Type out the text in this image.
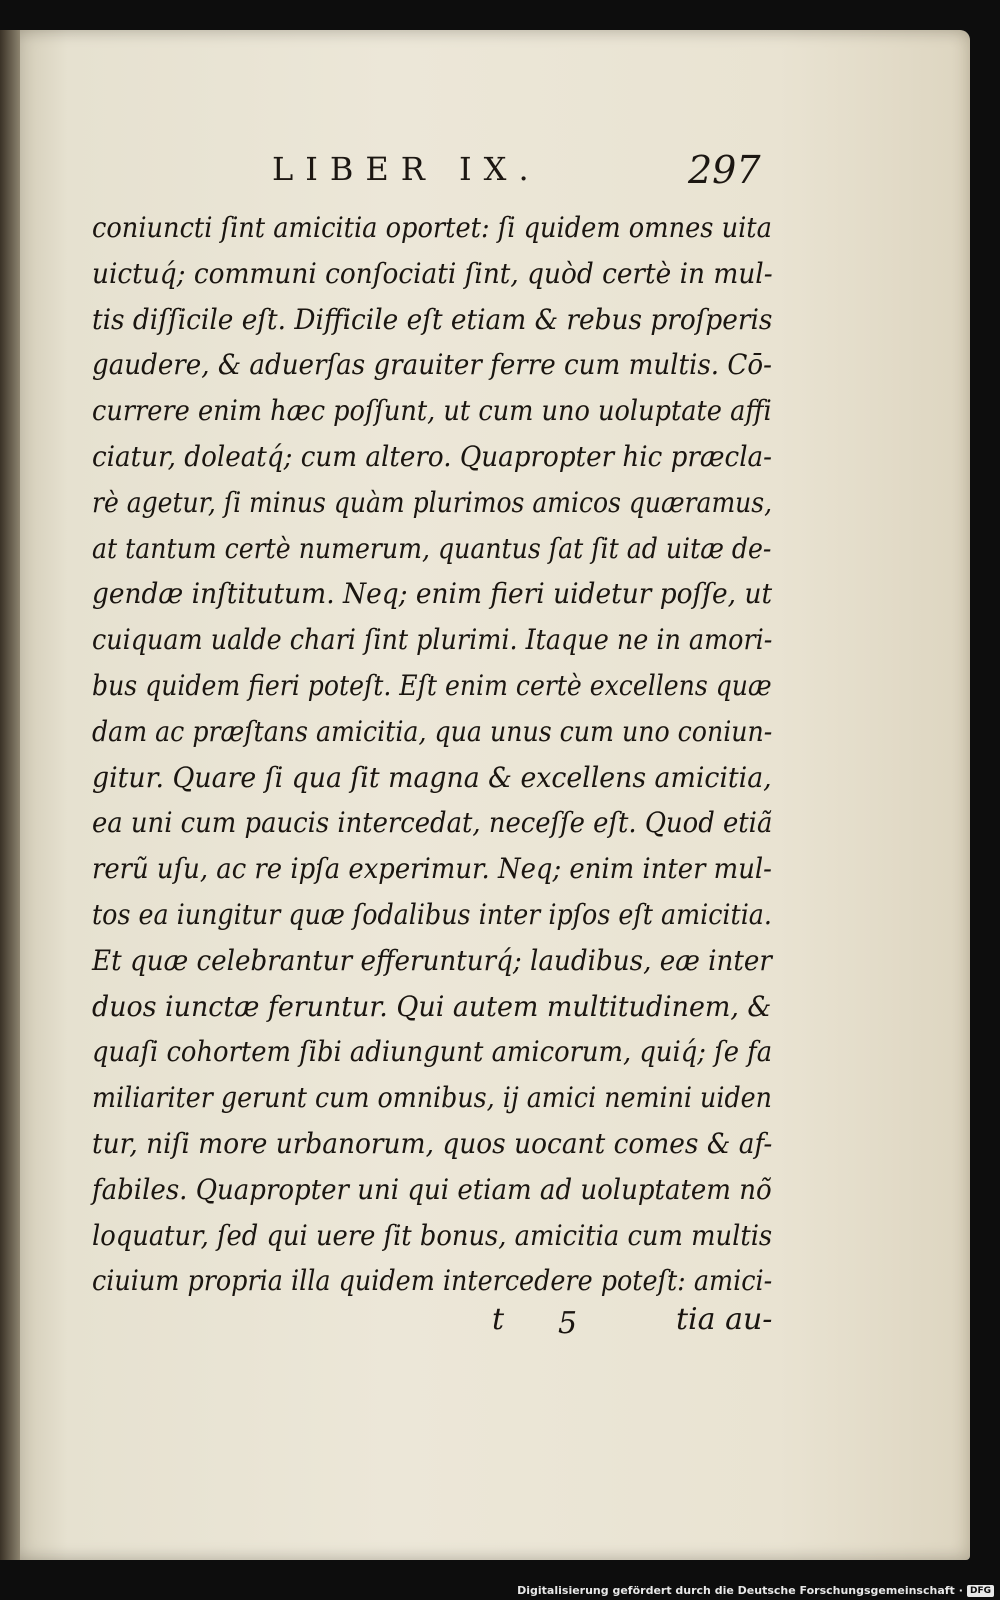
LIBER IX.	297
coniuncti ſint amicitia oportet: ſi quidem omnes uita
uictuq́; communi conſociati ſint, quòd certè in mul-
tis diſſicile eſt. Difficile eſt etiam & rebus proſperis
gaudere, & aduerſas grauiter ferre cum multis. Cō-
currere enim hæc poſſunt, ut cum uno uoluptate affi
ciatur, doleatq́; cum altero. Quapropter hic præcla-
rè agetur, ſi minus quàm plurimos amicos quæramus,
at tantum certè numerum, quantus ſat ſit ad uitæ de-
gendæ inſtitutum. Neq; enim fieri uidetur poſſe, ut
cuiquam ualde chari ſint plurimi. Itaque ne in amori-
bus quidem fieri poteſt. Eſt enim certè excellens quæ
dam ac præſtans amicitia, qua unus cum uno coniun-
gitur. Quare ſi qua ſit magna & excellens amicitia,
ea uni cum paucis intercedat, neceſſe eſt. Quod etiã
rerũ uſu, ac re ipſa experimur. Neq; enim inter mul-
tos ea iungitur quæ ſodalibus inter ipſos eſt amicitia.
Et quæ celebrantur efferunturq́; laudibus, eæ inter
duos iunctæ feruntur. Qui autem multitudinem, &
quaſi cohortem ſibi adiungunt amicorum, quiq́; ſe fa
miliariter gerunt cum omnibus, ij amici nemini uiden
tur, niſi more urbanorum, quos uocant comes & af-
fabiles. Quapropter uni qui etiam ad uoluptatem nõ
loquatur, ſed qui uere ſit bonus, amicitia cum multis
ciuium propria illa quidem intercedere poteſt: amici-
t 5	tia au-
Digitalisierung gefördert durch die Deutsche Forschungsgemeinschaft · DFG
